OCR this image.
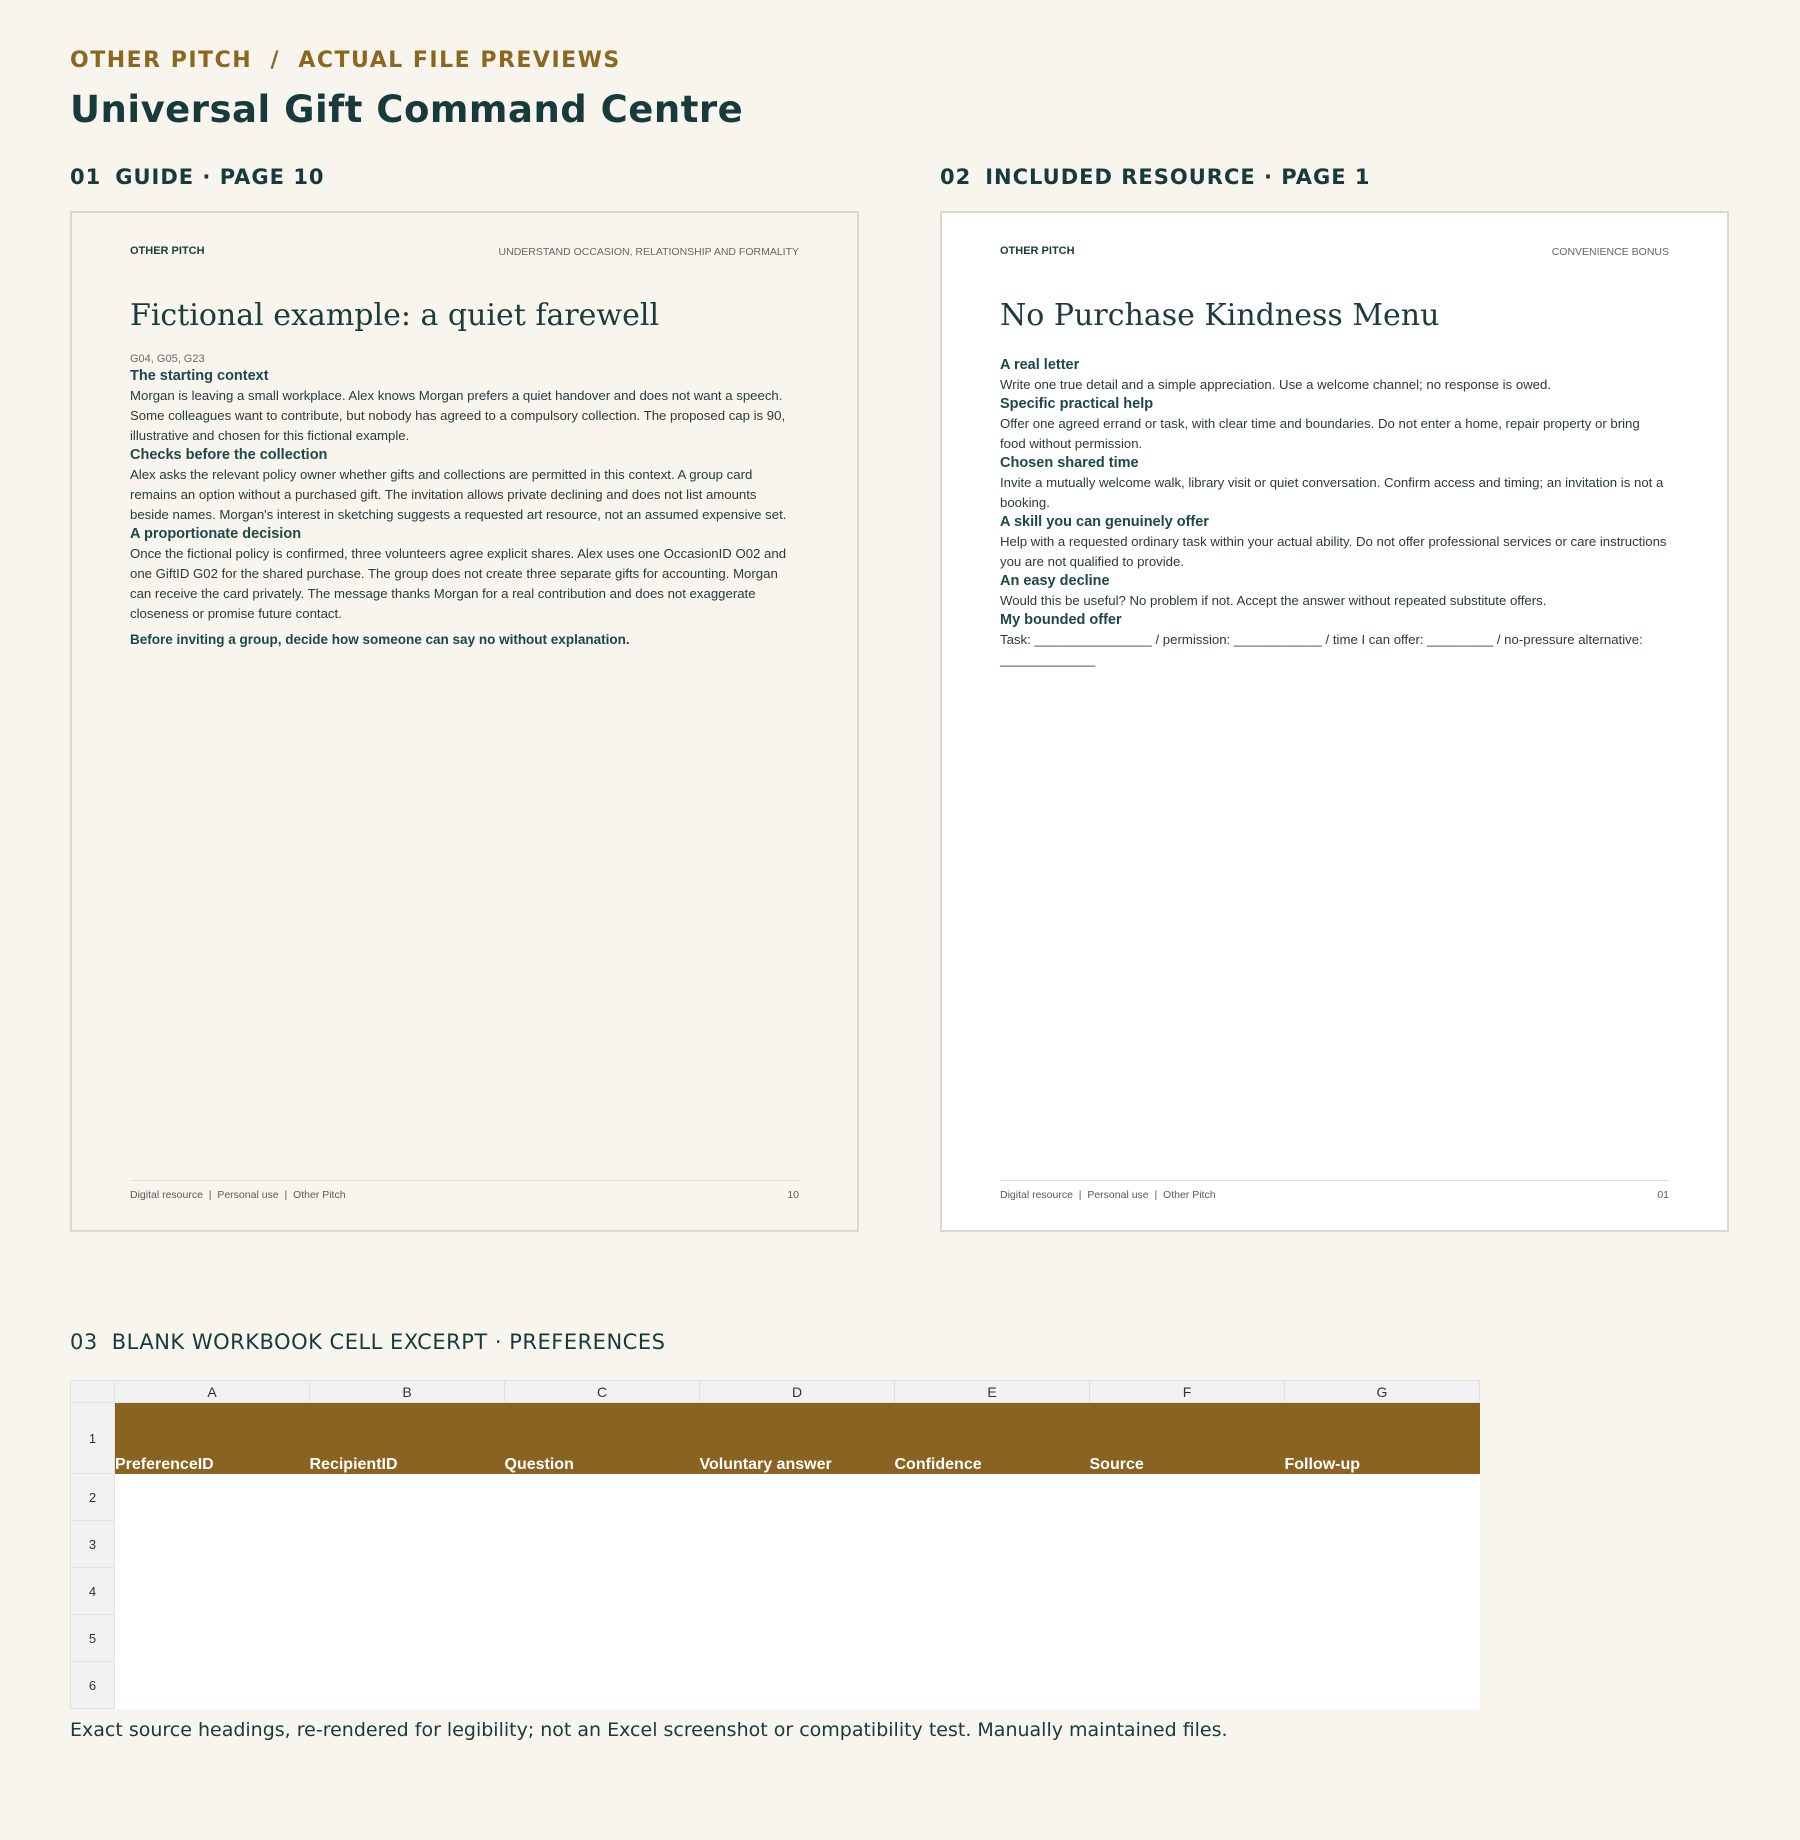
OTHER PITCH / ACTUAL FILE PREVIEWS
Universal Gift Command Centre
01 GUIDE · PAGE 10	02 INCLUDED RESOURCE · PAGE 1
OTHER PITCH	UNDERSTAND OCCASION, RELATIONSHIP AND FORMALITY
Fictional example: a quiet farewell
G04, G05, G23
The starting context
Morgan is leaving a small workplace. Alex knows Morgan prefers a quiet handover and does not want a speech. Some colleagues want to contribute, but nobody has agreed to a compulsory collection. The proposed cap is 90, illustrative and chosen for this fictional example.
Checks before the collection
Alex asks the relevant policy owner whether gifts and collections are permitted in this context. A group card remains an option without a purchased gift. The invitation allows private declining and does not list amounts beside names. Morgan's interest in sketching suggests a requested art resource, not an assumed expensive set.
A proportionate decision
Once the fictional policy is confirmed, three volunteers agree explicit shares. Alex uses one OccasionID O02 and one GiftID G02 for the shared purchase. The group does not create three separate gifts for accounting. Morgan can receive the card privately. The message thanks Morgan for a real contribution and does not exaggerate closeness or promise future contact.
Before inviting a group, decide how someone can say no without explanation.
Digital resource  |  Personal use  |  Other Pitch	10
OTHER PITCH	CONVENIENCE BONUS
No Purchase Kindness Menu
A real letter
Write one true detail and a simple appreciation. Use a welcome channel; no response is owed.
Specific practical help
Offer one agreed errand or task, with clear time and boundaries. Do not enter a home, repair property or bring food without permission.
Chosen shared time
Invite a mutually welcome walk, library visit or quiet conversation. Confirm access and timing; an invitation is not a booking.
A skill you can genuinely offer
Help with a requested ordinary task within your actual ability. Do not offer professional services or care instructions you are not qualified to provide.
An easy decline
Would this be useful? No problem if not. Accept the answer without repeated substitute offers.
My bounded offer
Task: ________________ / permission: ____________ / time I can offer: _________ / no-pressure alternative: _____________
Digital resource  |  Personal use  |  Other Pitch	01
03 BLANK WORKBOOK CELL EXCERPT · PREFERENCES
	A	B	C	D	E	F	G
1	PreferenceID	RecipientID	Question	Voluntary answer	Confidence	Source	Follow-up
2							
3							
4							
5							
6							
Exact source headings, re-rendered for legibility; not an Excel screenshot or compatibility test. Manually maintained files.
